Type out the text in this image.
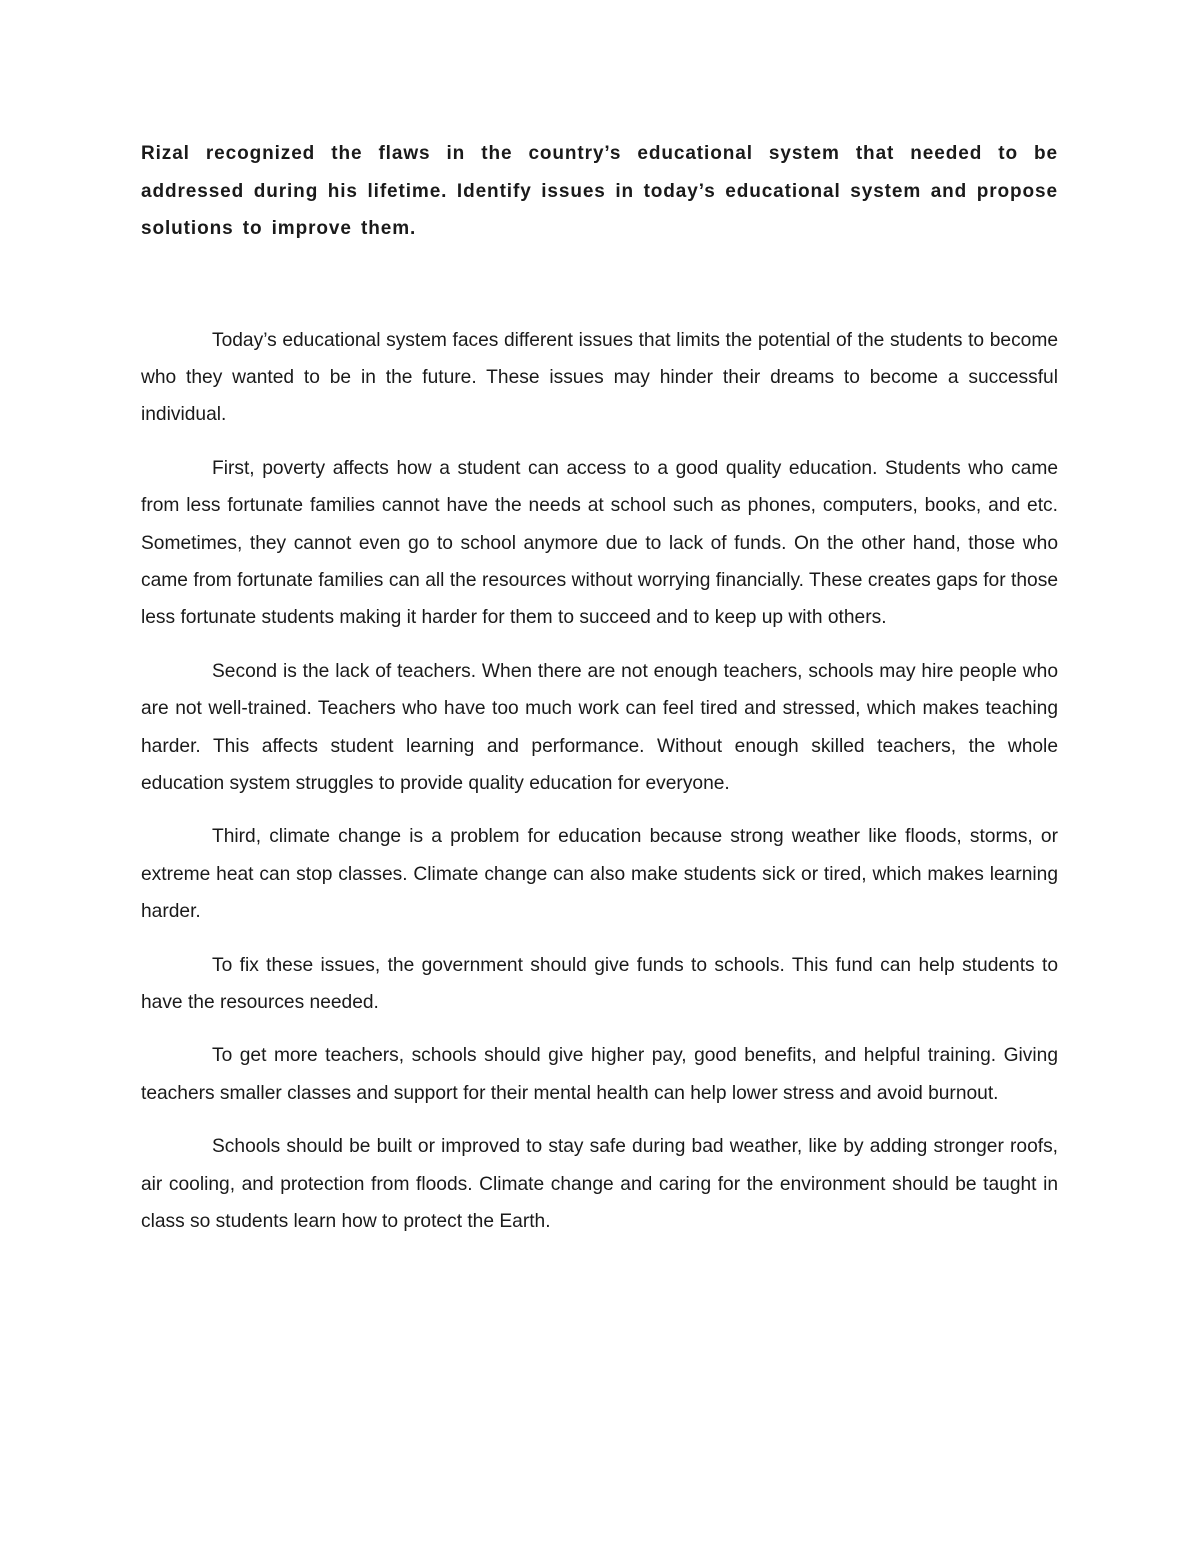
Rizal recognized the flaws in the country’s educational system that needed to be addressed during his lifetime. Identify issues in today’s educational system and propose solutions to improve them.

Today’s educational system faces different issues that limits the potential of the students to become who they wanted to be in the future. These issues may hinder their dreams to become a successful individual.

First, poverty affects how a student can access to a good quality education. Students who came from less fortunate families cannot have the needs at school such as phones, computers, books, and etc. Sometimes, they cannot even go to school anymore due to lack of funds. On the other hand, those who came from fortunate families can all the resources without worrying financially. These creates gaps for those less fortunate students making it harder for them to succeed and to keep up with others.

Second is the lack of teachers. When there are not enough teachers, schools may hire people who are not well-trained. Teachers who have too much work can feel tired and stressed, which makes teaching harder. This affects student learning and performance. Without enough skilled teachers, the whole education system struggles to provide quality education for everyone.

Third, climate change is a problem for education because strong weather like floods, storms, or extreme heat can stop classes. Climate change can also make students sick or tired, which makes learning harder.

To fix these issues, the government should give funds to schools. This fund can help students to have the resources needed.

To get more teachers, schools should give higher pay, good benefits, and helpful training. Giving teachers smaller classes and support for their mental health can help lower stress and avoid burnout.

Schools should be built or improved to stay safe during bad weather, like by adding stronger roofs, air cooling, and protection from floods. Climate change and caring for the environment should be taught in class so students learn how to protect the Earth.
